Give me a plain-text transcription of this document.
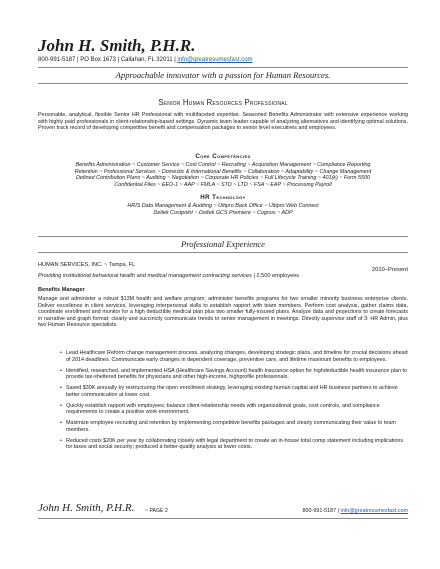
John H. Smith, P.H.R.
800-991-5187 | PO Box 1673 | Callahan, FL 32011 | info@greatresumesfast.com
Approachable innovator with a passion for Human Resources.
Senior Human Resources Professional
Personable, analytical, flexible Senior HR Professional with multifaceted expertise. Seasoned Benefits Administrator with extensive experience working with highly paid professionals in client-relationship-based settings. Dynamic team leader capable of analyzing alternatives and identifying optimal solutions. Proven track record of developing competitive benefit and compensation packages to senior level executives and employees.
Core Competencies
Benefits Administration ~ Customer Service ~ Cost Control ~ Recruiting ~ Acquisition Management ~ Compliance Reporting
Retention ~ Professional Services ~ Domestic & International Benefits ~ Collaboration ~ Adaptability ~ Change Management
Defined Contribution Plans ~ Auditing ~ Negotiation ~ Corporate HR Policies ~ Full Lifecycle Training ~ 401(k) ~ Form 5500
Confidential Files ~ EEO-1 ~ AAP ~ FMLA ~ STD ~ LTD ~ FSA ~ EAP ~ Processing Payroll
HR Technology
HRIS Data Management & Auditing ~ Ultipro Back Office ~ Ultipro Web Connect
Deltek Costpoint ~ Deltek GCS Premiere ~ Cognos ~ ADP
Professional Experience
HUMAN SERVICES, INC. ~ Tampa, FL
2010–Present
Providing institutional behavioral health and medical management contracting services | 2,500 employees
Benefits Manager
Manage and administer a robust $13M health and welfare program; administer benefits programs for two smaller minority business enterprise clients. Deliver excellence in client services, leveraging interpersonal skills to establish rapport with team members. Perform cost analysis, gather claims data, coordinate enrollment and monitor for a high deductible medical plan plus two smaller fully-insured plans. Analyze data and projections to create forecasts in narrative and graph format; clearly and succinctly communicate trends to senior management in meetings. Directly supervise staff of 3: HR Admin, plus two Human Resource specialists.
• Lead Healthcare Reform change management process, analyzing changes, developing strategic plans, and timeline for crucial decisions ahead of 2014 deadlines. Communicate early changes in dependent coverage, preventive care, and lifetime maximum benefits to employees.
• Identified, researched, and implemented HSA (Healthcare Savings Account) health insurance option for highdeductible health insurance plan to provide tax-sheltered benefits for physicians and other high-income, highprofile professionals.
• Saved $30K annually by restructuring the open enrollment strategy, leveraging existing human capital and HR business partners to achieve better communication at lower cost.
• Quickly establish rapport with employees; balance client-relationship needs with organizational goals, cost controls, and compliance requirements to create a positive work environment.
• Maximize employee recruiting and retention by implementing competitive benefits packages and clearly communicating their value to team members.
• Reduced costs $20K per year by collaborating closely with legal department to create an in-house total comp statement including implications for taxes and social security; produced a better-quality analysis at lower costs.
John H. Smith, P.H.R. ~ PAGE 2	800-991-5187 | info@greatresumesfast.com
